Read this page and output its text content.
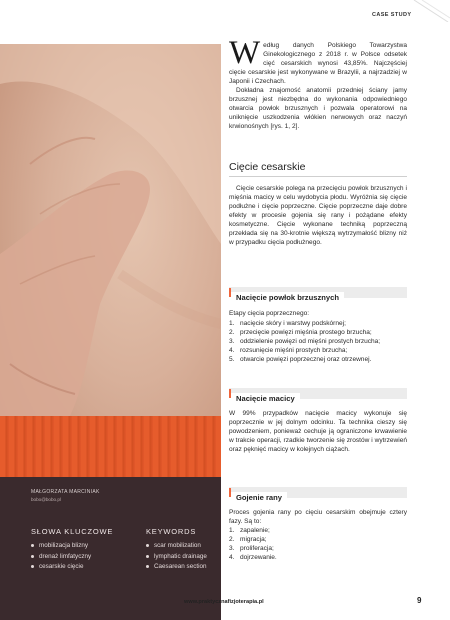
CASE STUDY
MAŁGORZATA MARCINIAK
bobo@bobo.pl
SŁOWA KLUCZOWE
mobilizacja blizny
drenaż limfatyczny
cesarskie cięcie
KEYWORDS
scar mobilization
lymphatic drainage
Caesarean section

Według danych Polskiego Towarzystwa Ginekologicznego z 2018 r. w Polsce odsetek cięć cesarskich wynosi 43,85%. Najczęściej cięcie cesarskie jest wykonywane w Brazylii, a najrzadziej w Japonii i Czechach.

Dokładna znajomość anatomii przedniej ściany jamy brzusznej jest niezbędna do wykonania odpowiedniego otwarcia powłok brzusznych i pozwala operatorowi na uniknięcie uszkodzenia włókien nerwowych oraz naczyń krwionośnych [rys. 1, 2].

Cięcie cesarskie

Cięcie cesarskie polega na przecięciu powłok brzusznych i mięśnia macicy w celu wydobycia płodu. Wyróżnia się cięcie podłużne i cięcie poprzeczne. Cięcie poprzeczne daje dobre efekty w procesie gojenia się rany i pożądane efekty kosmetyczne. Cięcie wykonane techniką poprzeczną przekłada się na 30-krotnie większą wytrzymałość blizny niż w przypadku cięcia podłużnego.

Nacięcie powłok brzusznych
Etapy cięcia poprzecznego:
1. nacięcie skóry i warstwy podskórnej;
2. przecięcie powięzi mięśnia prostego brzucha;
3. oddzielenie powięzi od mięśni prostych brzucha;
4. rozsunięcie mięśni prostych brzucha;
5. otwarcie powięzi poprzecznej oraz otrzewnej.
Nacięcie macicy

W 99% przypadków nacięcie macicy wykonuje się poprzecznie w jej dolnym odcinku. Ta technika cieszy się powodzeniem, ponieważ cechuje ją ograniczone krwawienie w trakcie operacji, rzadkie tworzenie się zrostów i wytrzewień oraz pęknięć macicy w kolejnych ciążach.

Gojenie rany

Proces gojenia rany po cięciu cesarskim obejmuje cztery fazy. Są to:

1. zapalenie;
2. migracja;
3. proliferacja;
4. dojrzewanie.
www.praktycznafizjoterapia.pl	9
